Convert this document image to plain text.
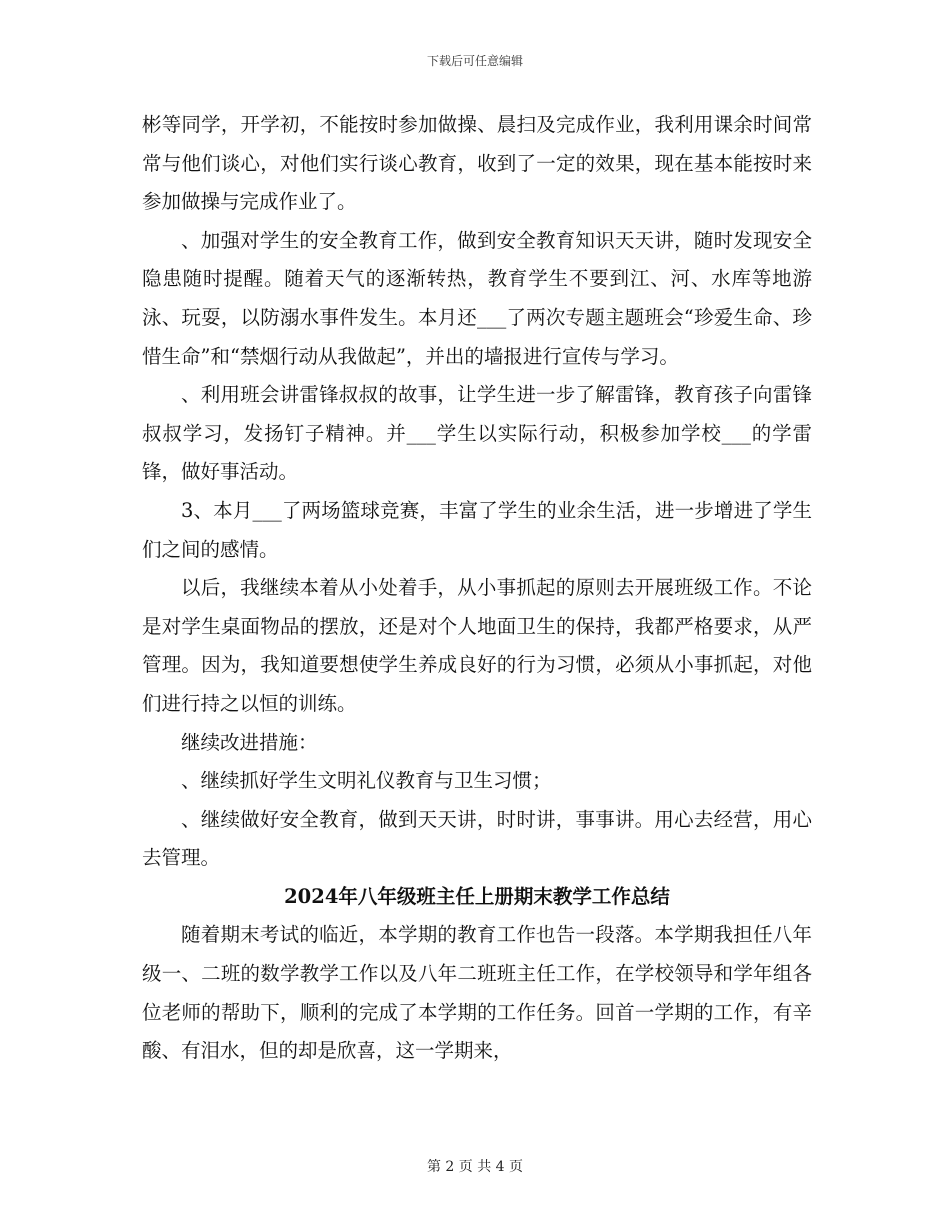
下载后可任意编辑

彬等同学，开学初，不能按时参加做操、晨扫及完成作业，我利用课余时间常常与他们谈心，对他们实行谈心教育，收到了一定的效果，现在基本能按时来参加做操与完成作业了。

、加强对学生的安全教育工作，做到安全教育知识天天讲，随时发现安全隐患随时提醒。随着天气的逐渐转热，教育学生不要到江、河、水库等地游泳、玩耍，以防溺水事件发生。本月还___了两次专题主题班会“珍爱生命、珍惜生命”和“禁烟行动从我做起”，并出的墙报进行宣传与学习。

、利用班会讲雷锋叔叔的故事，让学生进一步了解雷锋，教育孩子向雷锋叔叔学习，发扬钉子精神。并___学生以实际行动，积极参加学校___的学雷锋，做好事活动。

3、本月___了两场篮球竞赛，丰富了学生的业余生活，进一步增进了学生们之间的感情。

以后，我继续本着从小处着手，从小事抓起的原则去开展班级工作。不论是对学生桌面物品的摆放，还是对个人地面卫生的保持，我都严格要求，从严管理。因为，我知道要想使学生养成良好的行为习惯，必须从小事抓起，对他们进行持之以恒的训练。

继续改进措施：

、继续抓好学生文明礼仪教育与卫生习惯；

、继续做好安全教育，做到天天讲，时时讲，事事讲。用心去经营，用心去管理。

2024年八年级班主任上册期末教学工作总结

随着期末考试的临近，本学期的教育工作也告一段落。本学期我担任八年级一、二班的数学教学工作以及八年二班班主任工作，在学校领导和学年组各位老师的帮助下，顺利的完成了本学期的工作任务。回首一学期的工作，有辛酸、有泪水，但的却是欣喜，这一学期来，

第 2 页 共 4 页
